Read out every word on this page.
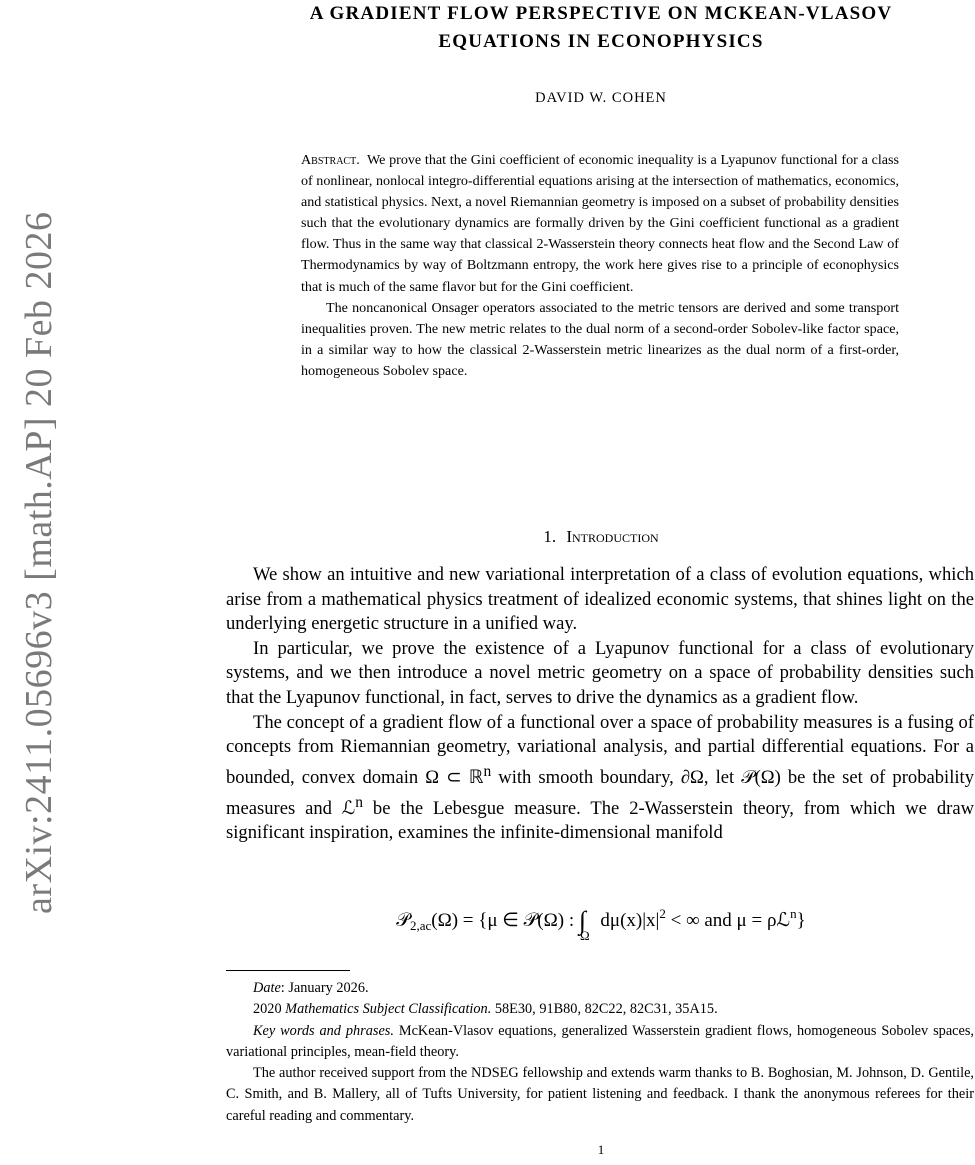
arXiv:2411.05696v3 [math.AP] 20 Feb 2026
A GRADIENT FLOW PERSPECTIVE ON MCKEAN-VLASOV
EQUATIONS IN ECONOPHYSICS
DAVID W. COHEN

Abstract. We prove that the Gini coefficient of economic inequality is a Lyapunov functional for a class of nonlinear, nonlocal integro-differential equations arising at the intersection of mathematics, economics, and statistical physics. Next, a novel Riemannian geometry is imposed on a subset of probability densities such that the evolutionary dynamics are formally driven by the Gini coefficient functional as a gradient flow. Thus in the same way that classical 2-Wasserstein theory connects heat flow and the Second Law of Thermodynamics by way of Boltzmann entropy, the work here gives rise to a principle of econophysics that is much of the same flavor but for the Gini coefficient.

The noncanonical Onsager operators associated to the metric tensors are derived and some transport inequalities proven. The new metric relates to the dual norm of a second-order Sobolev-like factor space, in a similar way to how the classical 2-Wasserstein metric linearizes as the dual norm of a first-order, homogeneous Sobolev space.

1. Introduction

We show an intuitive and new variational interpretation of a class of evolution equations, which arise from a mathematical physics treatment of idealized economic systems, that shines light on the underlying energetic structure in a unified way.

In particular, we prove the existence of a Lyapunov functional for a class of evolutionary systems, and we then introduce a novel metric geometry on a space of probability densities such that the Lyapunov functional, in fact, serves to drive the dynamics as a gradient flow.

The concept of a gradient flow of a functional over a space of probability measures is a fusing of concepts from Riemannian geometry, variational analysis, and partial differential equations. For a bounded, convex domain Ω ⊂ ℝ$^n$ with smooth boundary, ∂Ω, let 𝒫(Ω) be the set of probability measures and ℒ$^n$ be the Lebesgue measure. The 2-Wasserstein theory, from which we draw significant inspiration, examines the infinite-dimensional manifold

𝒫$_{2,ac}$(Ω) = {μ ∈ 𝒫(Ω) : $\int_\Omega$ $d\mu(x)|x|^2$ < ∞ and μ = ρℒ$^n$}

Date: January 2026.

2020 Mathematics Subject Classification. 58E30, 91B80, 82C22, 82C31, 35A15.

Key words and phrases. McKean-Vlasov equations, generalized Wasserstein gradient flows, homogeneous Sobolev spaces, variational principles, mean-field theory.

The author received support from the NDSEG fellowship and extends warm thanks to B. Boghosian, M. Johnson, D. Gentile, C. Smith, and B. Mallery, all of Tufts University, for patient listening and feedback. I thank the anonymous referees for their careful reading and commentary.

1
